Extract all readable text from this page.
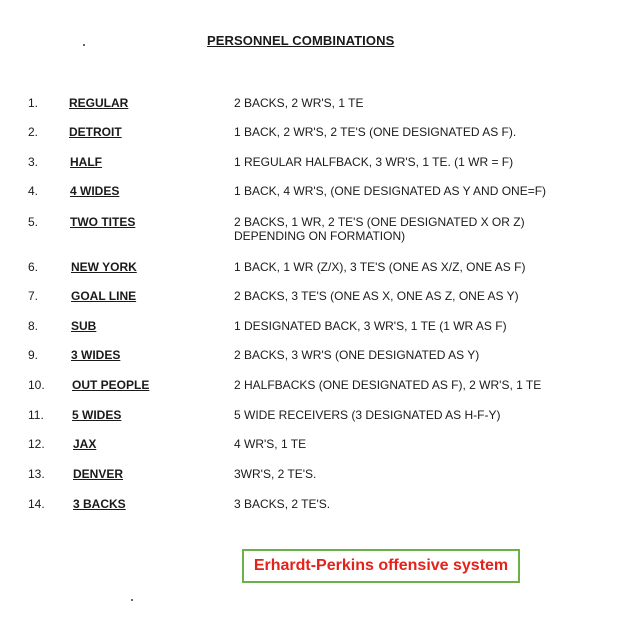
PERSONNEL COMBINATIONS
1.	REGULAR	2 BACKS, 2 WR'S, 1 TE
2.	DETROIT	1 BACK, 2 WR'S, 2 TE'S (ONE DESIGNATED AS F).
3.	HALF	1 REGULAR HALFBACK, 3 WR'S, 1 TE. (1 WR = F)
4.	4 WIDES	1 BACK, 4 WR'S, (ONE DESIGNATED AS Y AND ONE=F)
5.	TWO TITES	2 BACKS, 1 WR, 2 TE'S (ONE DESIGNATED X OR Z)
DEPENDING ON FORMATION)
6.	NEW YORK	1 BACK, 1 WR (Z/X), 3 TE'S (ONE AS X/Z, ONE AS F)
7.	GOAL LINE	2 BACKS, 3 TE'S (ONE AS X, ONE AS Z, ONE AS Y)
8.	SUB	1 DESIGNATED BACK, 3 WR'S, 1 TE (1 WR AS F)
9.	3 WIDES	2 BACKS, 3 WR'S (ONE DESIGNATED AS Y)
10.	OUT PEOPLE	2 HALFBACKS (ONE DESIGNATED AS F), 2 WR'S, 1 TE
11.	5 WIDES	5 WIDE RECEIVERS (3 DESIGNATED AS H-F-Y)
12.	JAX	4 WR'S, 1 TE
13.	DENVER	3WR'S, 2 TE'S.
14.	3 BACKS	3 BACKS, 2 TE'S.
Erhardt-Perkins offensive system
